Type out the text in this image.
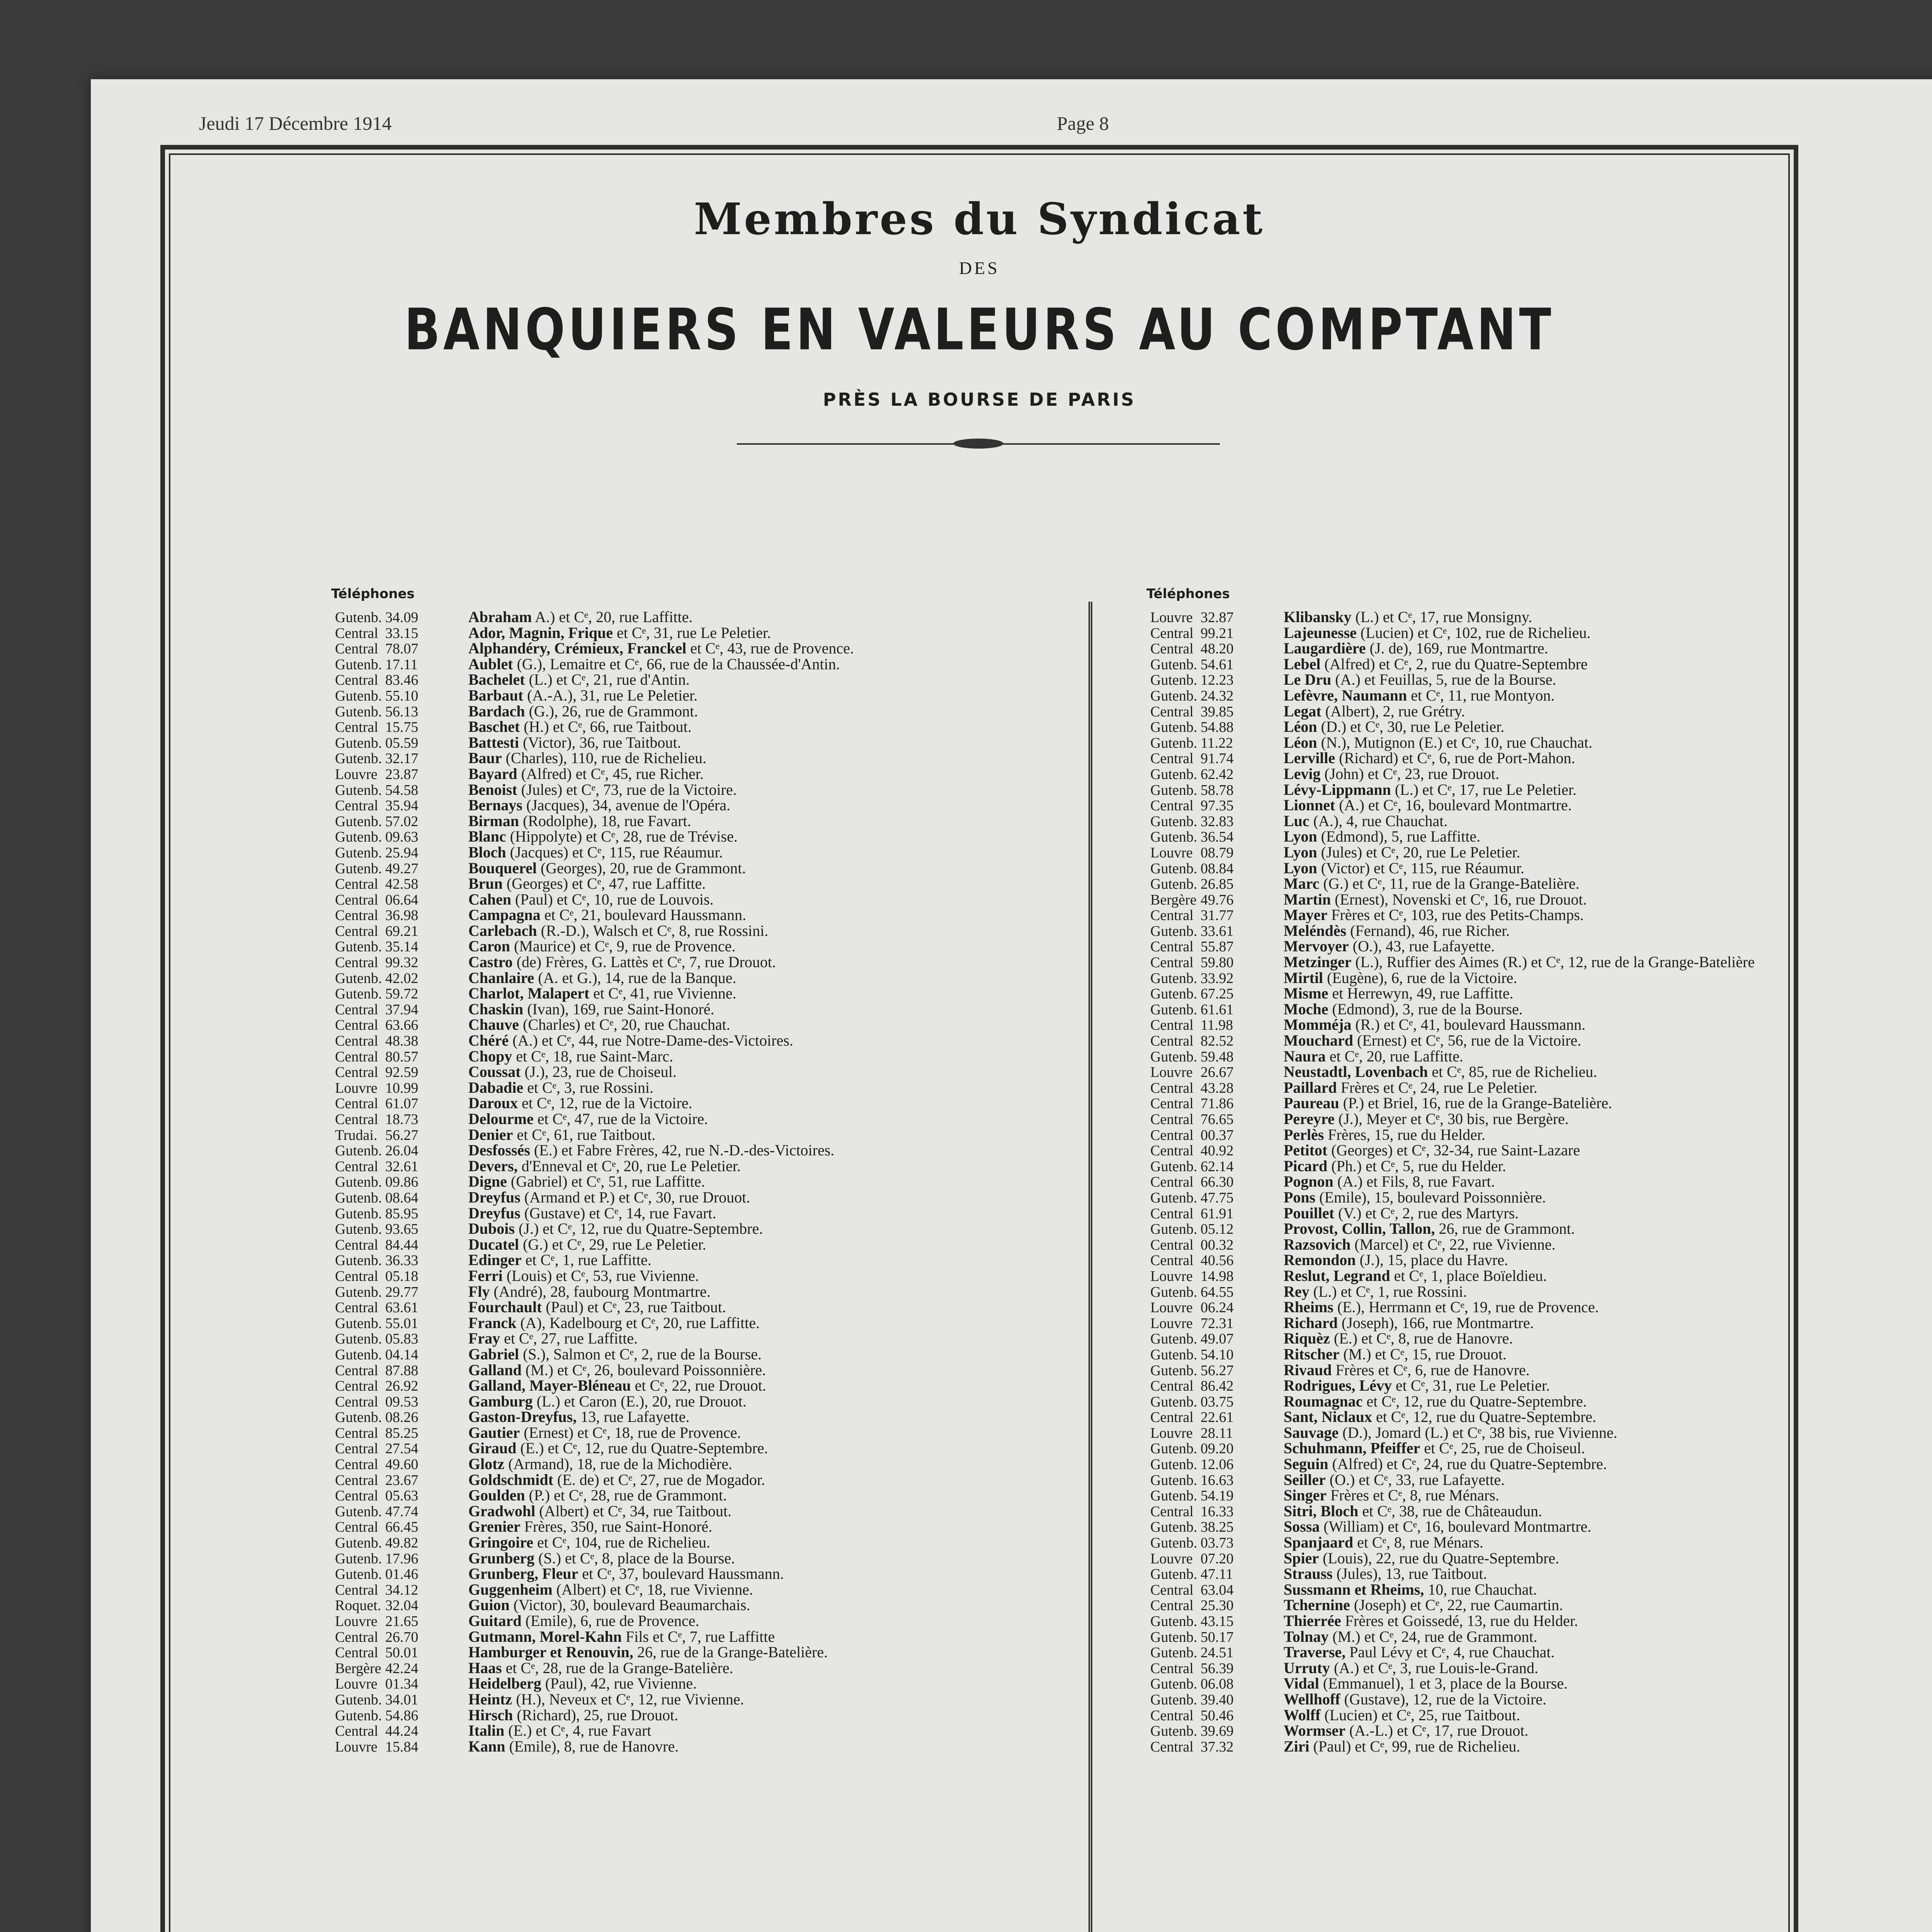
Jeudi 17 Décembre 1914	Page 8
Membres du Syndicat
DES
BANQUIERS EN VALEURS AU COMPTANT
PRÈS LA BOURSE DE PARIS
Téléphones	Téléphones
Gutenb. 34.09	Abraham A.) et Cᵉ, 20, rue Laffitte.
Central 33.15	Ador, Magnin, Frique et Cᵉ, 31, rue Le Peletier.
Central 78.07	Alphandéry, Crémieux, Franckel et Cᵉ, 43, rue de Provence.
Gutenb. 17.11	Aublet (G.), Lemaitre et Cᵉ, 66, rue de la Chaussée-d'Antin.
Central 83.46	Bachelet (L.) et Cᵉ, 21, rue d'Antin.
Gutenb. 55.10	Barbaut (A.-A.), 31, rue Le Peletier.
Gutenb. 56.13	Bardach (G.), 26, rue de Grammont.
Central 15.75	Baschet (H.) et Cᵉ, 66, rue Taitbout.
Gutenb. 05.59	Battesti (Victor), 36, rue Taitbout.
Gutenb. 32.17	Baur (Charles), 110, rue de Richelieu.
Louvre 23.87	Bayard (Alfred) et Cᵉ, 45, rue Richer.
Gutenb. 54.58	Benoist (Jules) et Cᵉ, 73, rue de la Victoire.
Central 35.94	Bernays (Jacques), 34, avenue de l'Opéra.
Gutenb. 57.02	Birman (Rodolphe), 18, rue Favart.
Gutenb. 09.63	Blanc (Hippolyte) et Cᵉ, 28, rue de Trévise.
Gutenb. 25.94	Bloch (Jacques) et Cᵉ, 115, rue Réaumur.
Gutenb. 49.27	Bouquerel (Georges), 20, rue de Grammont.
Central 42.58	Brun (Georges) et Cᵉ, 47, rue Laffitte.
Central 06.64	Cahen (Paul) et Cᵉ, 10, rue de Louvois.
Central 36.98	Campagna et Cᵉ, 21, boulevard Haussmann.
Central 69.21	Carlebach (R.-D.), Walsch et Cᵉ, 8, rue Rossini.
Gutenb. 35.14	Caron (Maurice) et Cᵉ, 9, rue de Provence.
Central 99.32	Castro (de) Frères, G. Lattès et Cᵉ, 7, rue Drouot.
Gutenb. 42.02	Chanlaire (A. et G.), 14, rue de la Banque.
Gutenb. 59.72	Charlot, Malapert et Cᵉ, 41, rue Vivienne.
Central 37.94	Chaskin (Ivan), 169, rue Saint-Honoré.
Central 63.66	Chauve (Charles) et Cᵉ, 20, rue Chauchat.
Central 48.38	Chéré (A.) et Cᵉ, 44, rue Notre-Dame-des-Victoires.
Central 80.57	Chopy et Cᵉ, 18, rue Saint-Marc.
Central 92.59	Coussat (J.), 23, rue de Choiseul.
Louvre 10.99	Dabadie et Cᵉ, 3, rue Rossini.
Central 61.07	Daroux et Cᵉ, 12, rue de la Victoire.
Central 18.73	Delourme et Cᵉ, 47, rue de la Victoire.
Trudai. 56.27	Denier et Cᵉ, 61, rue Taitbout.
Gutenb. 26.04	Desfossés (E.) et Fabre Frères, 42, rue N.-D.-des-Victoires.
Central 32.61	Devers, d'Enneval et Cᵉ, 20, rue Le Peletier.
Gutenb. 09.86	Digne (Gabriel) et Cᵉ, 51, rue Laffitte.
Gutenb. 08.64	Dreyfus (Armand et P.) et Cᵉ, 30, rue Drouot.
Gutenb. 85.95	Dreyfus (Gustave) et Cᵉ, 14, rue Favart.
Gutenb. 93.65	Dubois (J.) et Cᵉ, 12, rue du Quatre-Septembre.
Central 84.44	Ducatel (G.) et Cᵉ, 29, rue Le Peletier.
Gutenb. 36.33	Edinger et Cᵉ, 1, rue Laffitte.
Central 05.18	Ferri (Louis) et Cᵉ, 53, rue Vivienne.
Gutenb. 29.77	Fly (André), 28, faubourg Montmartre.
Central 63.61	Fourchault (Paul) et Cᵉ, 23, rue Taitbout.
Gutenb. 55.01	Franck (A), Kadelbourg et Cᵉ, 20, rue Laffitte.
Gutenb. 05.83	Fray et Cᵉ, 27, rue Laffitte.
Gutenb. 04.14	Gabriel (S.), Salmon et Cᵉ, 2, rue de la Bourse.
Central 87.88	Galland (M.) et Cᵉ, 26, boulevard Poissonnière.
Central 26.92	Galland, Mayer-Bléneau et Cᵉ, 22, rue Drouot.
Central 09.53	Gamburg (L.) et Caron (E.), 20, rue Drouot.
Gutenb. 08.26	Gaston-Dreyfus, 13, rue Lafayette.
Central 85.25	Gautier (Ernest) et Cᵉ, 18, rue de Provence.
Central 27.54	Giraud (E.) et Cᵉ, 12, rue du Quatre-Septembre.
Central 49.60	Glotz (Armand), 18, rue de la Michodière.
Central 23.67	Goldschmidt (E. de) et Cᵉ, 27, rue de Mogador.
Central 05.63	Goulden (P.) et Cᵉ, 28, rue de Grammont.
Gutenb. 47.74	Gradwohl (Albert) et Cᵉ, 34, rue Taitbout.
Central 66.45	Grenier Frères, 350, rue Saint-Honoré.
Gutenb. 49.82	Gringoire et Cᵉ, 104, rue de Richelieu.
Gutenb. 17.96	Grunberg (S.) et Cᵉ, 8, place de la Bourse.
Gutenb. 01.46	Grunberg, Fleur et Cᵉ, 37, boulevard Haussmann.
Central 34.12	Guggenheim (Albert) et Cᵉ, 18, rue Vivienne.
Roquet. 32.04	Guion (Victor), 30, boulevard Beaumarchais.
Louvre 21.65	Guitard (Emile), 6, rue de Provence.
Central 26.70	Gutmann, Morel-Kahn Fils et Cᵉ, 7, rue Laffitte
Central 50.01	Hamburger et Renouvin, 26, rue de la Grange-Batelière.
Bergère 42.24	Haas et Cᵉ, 28, rue de la Grange-Batelière.
Louvre 01.34	Heidelberg (Paul), 42, rue Vivienne.
Gutenb. 34.01	Heintz (H.), Neveux et Cᵉ, 12, rue Vivienne.
Gutenb. 54.86	Hirsch (Richard), 25, rue Drouot.
Central 44.24	Italin (E.) et Cᵉ, 4, rue Favart
Louvre 15.84	Kann (Emile), 8, rue de Hanovre.
Louvre 32.87	Klibansky (L.) et Cᵉ, 17, rue Monsigny.
Central 99.21	Lajeunesse (Lucien) et Cᵉ, 102, rue de Richelieu.
Central 48.20	Laugardière (J. de), 169, rue Montmartre.
Gutenb. 54.61	Lebel (Alfred) et Cᵉ, 2, rue du Quatre-Septembre
Gutenb. 12.23	Le Dru (A.) et Feuillas, 5, rue de la Bourse.
Gutenb. 24.32	Lefèvre, Naumann et Cᵉ, 11, rue Montyon.
Central 39.85	Legat (Albert), 2, rue Grétry.
Gutenb. 54.88	Léon (D.) et Cᵉ, 30, rue Le Peletier.
Gutenb. 11.22	Léon (N.), Mutignon (E.) et Cᵉ, 10, rue Chauchat.
Central 91.74	Lerville (Richard) et Cᵉ, 6, rue de Port-Mahon.
Gutenb. 62.42	Levig (John) et Cᵉ, 23, rue Drouot.
Gutenb. 58.78	Lévy-Lippmann (L.) et Cᵉ, 17, rue Le Peletier.
Central 97.35	Lionnet (A.) et Cᵉ, 16, boulevard Montmartre.
Gutenb. 32.83	Luc (A.), 4, rue Chauchat.
Gutenb. 36.54	Lyon (Edmond), 5, rue Laffitte.
Louvre 08.79	Lyon (Jules) et Cᵉ, 20, rue Le Peletier.
Gutenb. 08.84	Lyon (Victor) et Cᵉ, 115, rue Réaumur.
Gutenb. 26.85	Marc (G.) et Cᵉ, 11, rue de la Grange-Batelière.
Bergère 49.76	Martin (Ernest), Novenski et Cᵉ, 16, rue Drouot.
Central 31.77	Mayer Frères et Cᵉ, 103, rue des Petits-Champs.
Gutenb. 33.61	Meléndès (Fernand), 46, rue Richer.
Central 55.87	Mervoyer (O.), 43, rue Lafayette.
Central 59.80	Metzinger (L.), Ruffier des Aimes (R.) et Cᵉ, 12, rue de la Grange-Batelière
Gutenb. 33.92	Mirtil (Eugène), 6, rue de la Victoire.
Gutenb. 67.25	Misme et Herrewyn, 49, rue Laffitte.
Gutenb. 61.61	Moche (Edmond), 3, rue de la Bourse.
Central 11.98	Momméja (R.) et Cᵉ, 41, boulevard Haussmann.
Central 82.52	Mouchard (Ernest) et Cᵉ, 56, rue de la Victoire.
Gutenb. 59.48	Naura et Cᵉ, 20, rue Laffitte.
Louvre 26.67	Neustadtl, Lovenbach et Cᵉ, 85, rue de Richelieu.
Central 43.28	Paillard Frères et Cᵉ, 24, rue Le Peletier.
Central 71.86	Paureau (P.) et Briel, 16, rue de la Grange-Batelière.
Central 76.65	Pereyre (J.), Meyer et Cᵉ, 30 bis, rue Bergère.
Central 00.37	Perlès Frères, 15, rue du Helder.
Central 40.92	Petitot (Georges) et Cᵉ, 32-34, rue Saint-Lazare
Gutenb. 62.14	Picard (Ph.) et Cᵉ, 5, rue du Helder.
Central 66.30	Pognon (A.) et Fils, 8, rue Favart.
Gutenb. 47.75	Pons (Emile), 15, boulevard Poissonnière.
Central 61.91	Pouillet (V.) et Cᵉ, 2, rue des Martyrs.
Gutenb. 05.12	Provost, Collin, Tallon, 26, rue de Grammont.
Central 00.32	Razsovich (Marcel) et Cᵉ, 22, rue Vivienne.
Central 40.56	Remondon (J.), 15, place du Havre.
Louvre 14.98	Reslut, Legrand et Cᵉ, 1, place Boïeldieu.
Gutenb. 64.55	Rey (L.) et Cᵉ, 1, rue Rossini.
Louvre 06.24	Rheims (E.), Herrmann et Cᵉ, 19, rue de Provence.
Louvre 72.31	Richard (Joseph), 166, rue Montmartre.
Gutenb. 49.07	Riquèz (E.) et Cᵉ, 8, rue de Hanovre.
Gutenb. 54.10	Ritscher (M.) et Cᵉ, 15, rue Drouot.
Gutenb. 56.27	Rivaud Frères et Cᵉ, 6, rue de Hanovre.
Central 86.42	Rodrigues, Lévy et Cᵉ, 31, rue Le Peletier.
Gutenb. 03.75	Roumagnac et Cᵉ, 12, rue du Quatre-Septembre.
Central 22.61	Sant, Niclaux et Cᵉ, 12, rue du Quatre-Septembre.
Louvre 28.11	Sauvage (D.), Jomard (L.) et Cᵉ, 38 bis, rue Vivienne.
Gutenb. 09.20	Schuhmann, Pfeiffer et Cᵉ, 25, rue de Choiseul.
Gutenb. 12.06	Seguin (Alfred) et Cᵉ, 24, rue du Quatre-Septembre.
Gutenb. 16.63	Seiller (O.) et Cᵉ, 33, rue Lafayette.
Gutenb. 54.19	Singer Frères et Cᵉ, 8, rue Ménars.
Central 16.33	Sitri, Bloch et Cᵉ, 38, rue de Châteaudun.
Gutenb. 38.25	Sossa (William) et Cᵉ, 16, boulevard Montmartre.
Gutenb. 03.73	Spanjaard et Cᵉ, 8, rue Ménars.
Louvre 07.20	Spier (Louis), 22, rue du Quatre-Septembre.
Gutenb. 47.11	Strauss (Jules), 13, rue Taitbout.
Central 63.04	Sussmann et Rheims, 10, rue Chauchat.
Central 25.30	Tchernine (Joseph) et Cᵉ, 22, rue Caumartin.
Gutenb. 43.15	Thierrée Frères et Goissedé, 13, rue du Helder.
Gutenb. 50.17	Tolnay (M.) et Cᵉ, 24, rue de Grammont.
Gutenb. 24.51	Traverse, Paul Lévy et Cᵉ, 4, rue Chauchat.
Central 56.39	Urruty (A.) et Cᵉ, 3, rue Louis-le-Grand.
Gutenb. 06.08	Vidal (Emmanuel), 1 et 3, place de la Bourse.
Gutenb. 39.40	Wellhoff (Gustave), 12, rue de la Victoire.
Central 50.46	Wolff (Lucien) et Cᵉ, 25, rue Taitbout.
Gutenb. 39.69	Wormser (A.-L.) et Cᵉ, 17, rue Drouot.
Central 37.32	Ziri (Paul) et Cᵉ, 99, rue de Richelieu.
